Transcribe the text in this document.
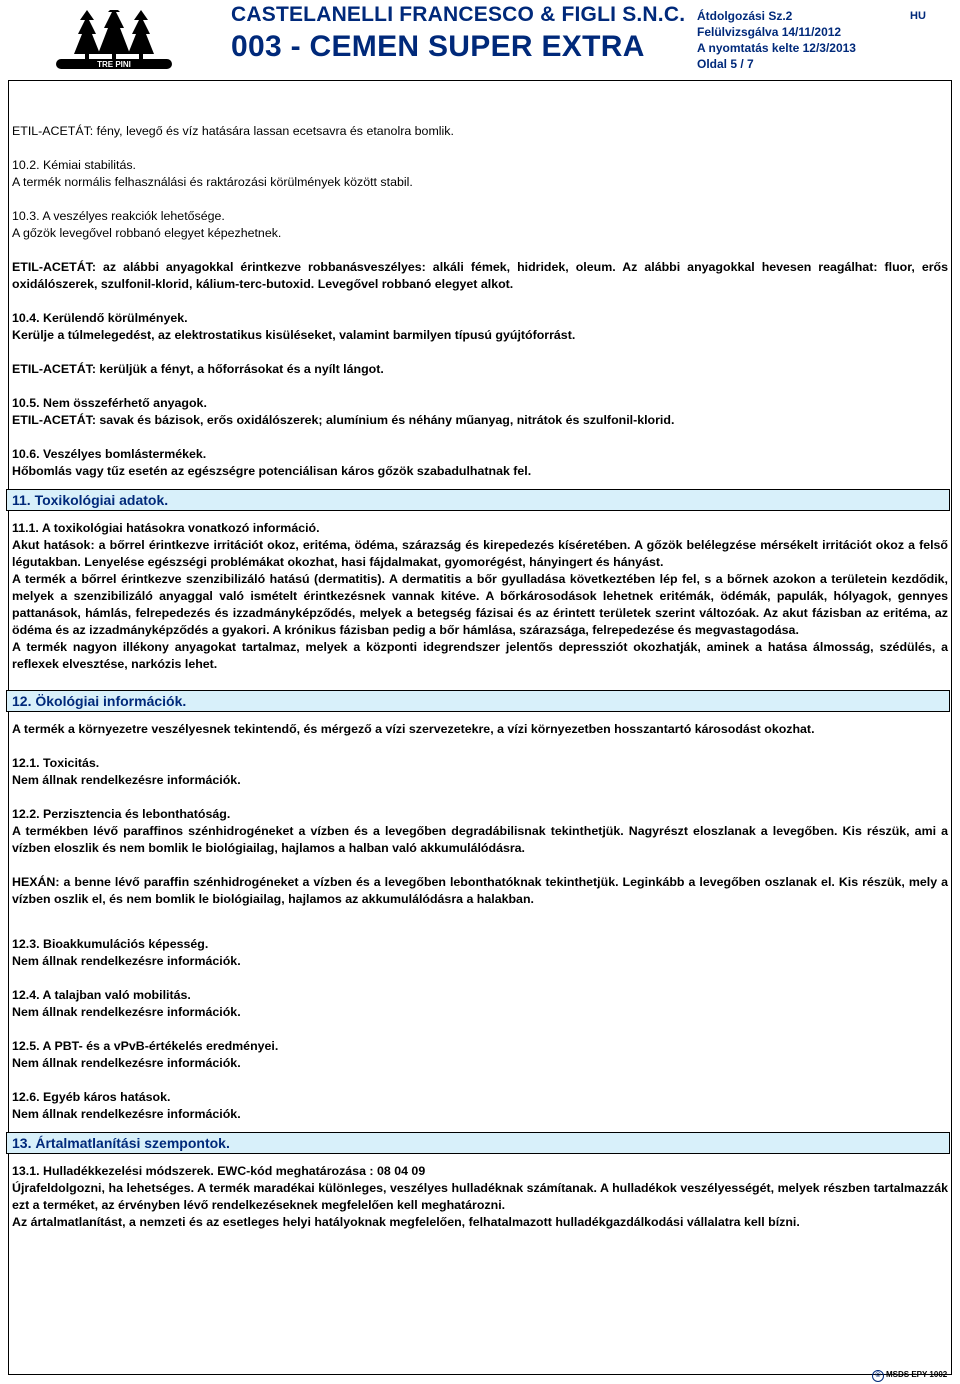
TRE PINI
CASTELANELLI FRANCESCO & FIGLI S.N.C.
003 - CEMEN SUPER EXTRA
Átdolgozási Sz.2
Felülvizsgálva 14/11/2012
A nyomtatás kelte 12/3/2013
Oldal 5 / 7
HU

ETIL-ACETÁT: fény, levegő és víz hatására lassan ecetsavra és etanolra bomlik.

10.2. Kémiai stabilitás.

A termék normális felhasználási és raktározási körülmények között stabil.

10.3. A veszélyes reakciók lehetősége.

A gőzök levegővel robbanó elegyet képezhetnek.

ETIL-ACETÁT: az alábbi anyagokkal érintkezve robbanásveszélyes: alkáli fémek, hidridek, oleum. Az alábbi anyagokkal hevesen reagálhat: fluor, erős oxidálószerek, szulfonil-klorid, kálium-terc-butoxid. Levegővel robbanó elegyet alkot.

10.4. Kerülendő körülmények.

Kerülje a túlmelegedést, az elektrostatikus kisüléseket, valamint barmilyen típusú gyújtóforrást.

ETIL-ACETÁT: kerüljük a fényt, a hőforrásokat és a nyílt lángot.

10.5. Nem összeférhető anyagok.

ETIL-ACETÁT: savak és bázisok, erős oxidálószerek; alumínium és néhány műanyag, nitrátok és szulfonil-klorid.

10.6. Veszélyes bomlástermékek.

Hőbomlás vagy tűz esetén az egészségre potenciálisan káros gőzök szabadulhatnak fel.

11. Toxikológiai adatok.

11.1. A toxikológiai hatásokra vonatkozó információ.

Akut hatások: a bőrrel érintkezve irritációt okoz, eritéma, ödéma, szárazság és kirepedezés kíséretében. A gőzök belélegzése mérsékelt irritációt okoz a felső légutakban. Lenyelése egészségi problémákat okozhat, hasi fájdalmakat, gyomorégést, hányingert és hányást.

A termék a bőrrel érintkezve szenzibilizáló hatású (dermatitis). A dermatitis a bőr gyulladása következtében lép fel, s a bőrnek azokon a területein kezdődik, melyek a szenzibilizáló anyaggal való ismételt érintkezésnek vannak kitéve. A bőrkárosodások lehetnek eritémák, ödémák, papulák, hólyagok, gennyes pattanások, hámlás, felrepedezés és izzadmányképződés, melyek a betegség fázisai és az érintett területek szerint változóak. Az akut fázisban az eritéma, az ödéma és az izzadmányképződés a gyakori. A krónikus fázisban pedig a bőr hámlása, szárazsága, felrepedezése és megvastagodása.

A termék nagyon illékony anyagokat tartalmaz, melyek a központi idegrendszer jelentős depressziót okozhatják, aminek a hatása álmosság, szédülés, a reflexek elvesztése, narkózis lehet.

12. Ökológiai információk.

A termék a környezetre veszélyesnek tekintendő, és mérgező a vízi szervezetekre, a vízi környezetben hosszantartó károsodást okozhat.

12.1. Toxicitás.

Nem állnak rendelkezésre információk.

12.2. Perzisztencia és lebonthatóság.

A termékben lévő paraffinos szénhidrogéneket a vízben és a levegőben degradábilisnak tekinthetjük. Nagyrészt eloszlanak a levegőben. Kis részük, ami a vízben eloszlik és nem bomlik le biológiailag, hajlamos a halban való akkumulálódásra.

HEXÁN: a benne lévő paraffin szénhidrogéneket a vízben és a levegőben lebonthatóknak tekinthetjük. Leginkább a levegőben oszlanak el. Kis részük, mely a vízben oszlik el, és nem bomlik le biológiailag, hajlamos az akkumulálódásra a halakban.

12.3. Bioakkumulációs képesség.

Nem állnak rendelkezésre információk.

12.4. A talajban való mobilitás.

Nem állnak rendelkezésre információk.

12.5. A PBT- és a vPvB-értékelés eredményei.

Nem állnak rendelkezésre információk.

12.6. Egyéb káros hatások.

Nem állnak rendelkezésre információk.

13. Ártalmatlanítási szempontok.

13.1. Hulladékkezelési módszerek. EWC-kód meghatározása : 08 04 09

Újrafeldolgozni, ha lehetséges. A termék maradékai különleges, veszélyes hulladéknak számítanak. A hulladékok veszélyességét, melyek részben tartalmazzák ezt a terméket, az érvényben lévő rendelkezéseknek megfelelően kell meghatározni.

Az ártalmatlanítást, a nemzeti és az esetleges helyi hatályoknak megfelelően, felhatalmazott hulladékgazdálkodási vállalatra kell bízni.

© MSDS EPY 1002
